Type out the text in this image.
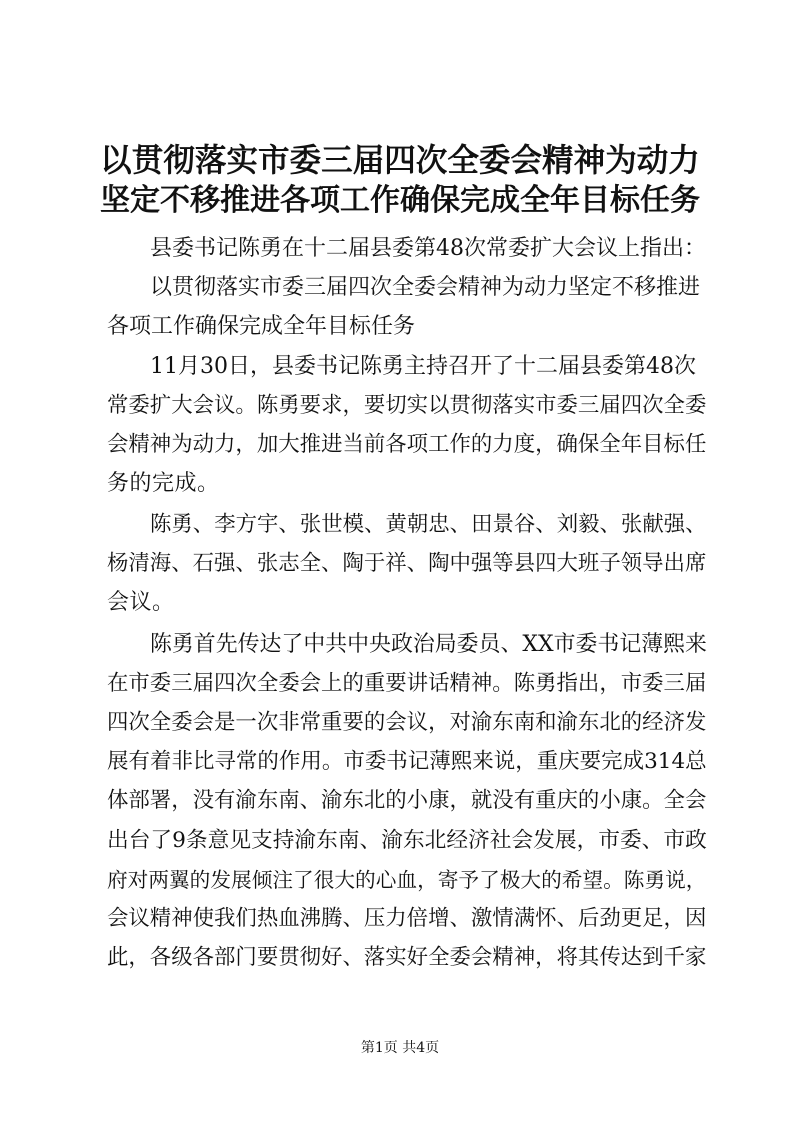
以贯彻落实市委三届四次全委会精神为动力
坚定不移推进各项工作确保完成全年目标任务
县委书记陈勇在十二届县委第48次常委扩大会议上指出：
以贯彻落实市委三届四次全委会精神为动力坚定不移推进
各项工作确保完成全年目标任务
11月30日，县委书记陈勇主持召开了十二届县委第48次
常委扩大会议。陈勇要求，要切实以贯彻落实市委三届四次全委
会精神为动力，加大推进当前各项工作的力度，确保全年目标任
务的完成。
陈勇、李方宇、张世模、黄朝忠、田景谷、刘毅、张献强、
杨清海、石强、张志全、陶于祥、陶中强等县四大班子领导出席
会议。
陈勇首先传达了中共中央政治局委员、XX市委书记薄熙来
在市委三届四次全委会上的重要讲话精神。陈勇指出，市委三届
四次全委会是一次非常重要的会议，对渝东南和渝东北的经济发
展有着非比寻常的作用。市委书记薄熙来说，重庆要完成314总
体部署，没有渝东南、渝东北的小康，就没有重庆的小康。全会
出台了9条意见支持渝东南、渝东北经济社会发展，市委、市政
府对两翼的发展倾注了很大的心血，寄予了极大的希望。陈勇说，
会议精神使我们热血沸腾、压力倍增、激情满怀、后劲更足，因
此，各级各部门要贯彻好、落实好全委会精神，将其传达到千家
第1页 共4页
